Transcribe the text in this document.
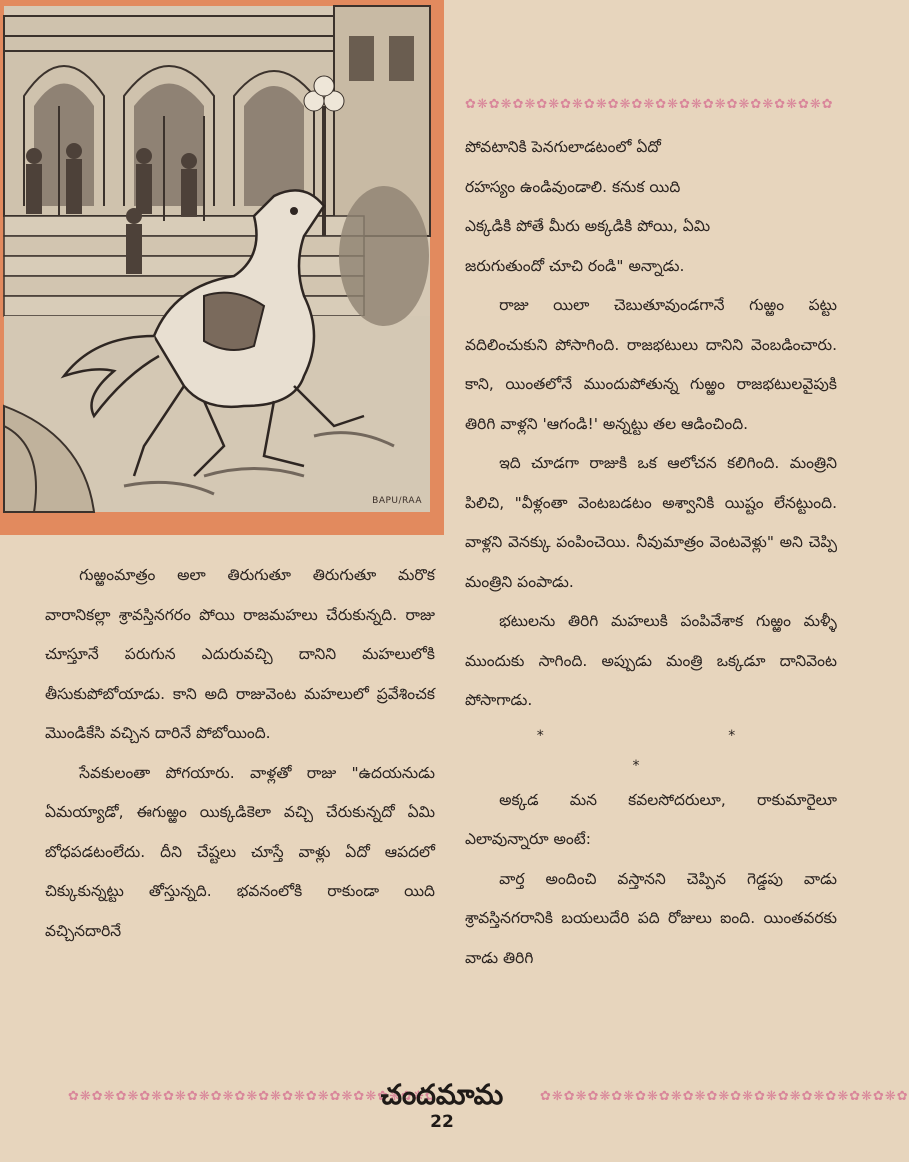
BAPU/RAA
✿❋✿❋✿❋✿❋✿❋✿❋✿❋✿❋✿❋✿❋✿❋✿❋✿❋✿❋✿❋✿

పోవటానికి పెనగులాడటంలో ఏదో

రహస్యం ఉండివుండాలి. కనుక యిది

ఎక్కడికి పోతే మీరు అక్కడికి పోయి, ఏమి

జరుగుతుందో చూచి రండి" అన్నాడు.

రాజు యిలా చెబుతూవుండగానే గుఱ్ఱం పట్టు వదిలించుకుని పోసాగింది. రాజభటులు దానిని వెంబడించారు. కాని, యింతలోనే ముందుపోతున్న గుఱ్ఱం రాజభటులవైపుకి తిరిగి వాళ్లని 'ఆగండి!' అన్నట్టు తల ఆడించింది.

ఇది చూడగా రాజుకి ఒక ఆలోచన కలిగింది. మంత్రిని పిలిచి, "వీళ్లంతా వెంటబడటం అశ్వానికి యిష్టం లేనట్టుంది. వాళ్లని వెనక్కు పంపించెయి. నీవుమాత్రం వెంటవెళ్లు" అని చెప్పి మంత్రిని పంపాడు.

భటులను తిరిగి మహలుకి పంపివేశాక గుఱ్ఱం మళ్ళీ ముందుకు సాగింది. అప్పుడు మంత్రి ఒక్కడూ దానివెంట పోసాగాడు.

* * *

అక్కడ మన కవలసోదరులూ, రాకుమారైలూ ఎలావున్నారూ అంటే:

వార్త అందించి వస్తానని చెప్పిన గెడ్డపు వాడు శ్రావస్తినగరానికి బయలుదేరి పది రోజులు ఐంది. యింతవరకు వాడు తిరిగి

గుఱ్ఱంమాత్రం అలా తిరుగుతూ తిరుగుతూ మరొక వారానికల్లా శ్రావస్తినగరం పోయి రాజమహలు చేరుకున్నది. రాజు చూస్తూనే పరుగున ఎదురువచ్చి దానిని మహలులోకి తీసుకుపోబోయాడు. కాని అది రాజువెంట మహలులో ప్రవేశించక మొండికేసి వచ్చిన దారినే పోబోయింది.

సేవకులంతా పోగయారు. వాళ్లతో రాజు "ఉదయనుడు ఏమయ్యాడో, ఈగుఱ్ఱం యిక్కడికెలా వచ్చి చేరుకున్నదో ఏమి బోధపడటంలేదు. దీని చేష్టలు చూస్తే వాళ్లు ఏదో ఆపదలో చిక్కుకున్నట్టు తోస్తున్నది. భవనంలోకి రాకుండా యిది వచ్చినదారినే

✿❋✿❋✿❋✿❋✿❋✿❋✿❋✿❋✿❋✿❋✿❋✿❋✿❋✿❋✿❋✿
చందమామ
22
✿❋✿❋✿❋✿❋✿❋✿❋✿❋✿❋✿❋✿❋✿❋✿❋✿❋✿❋✿❋✿
